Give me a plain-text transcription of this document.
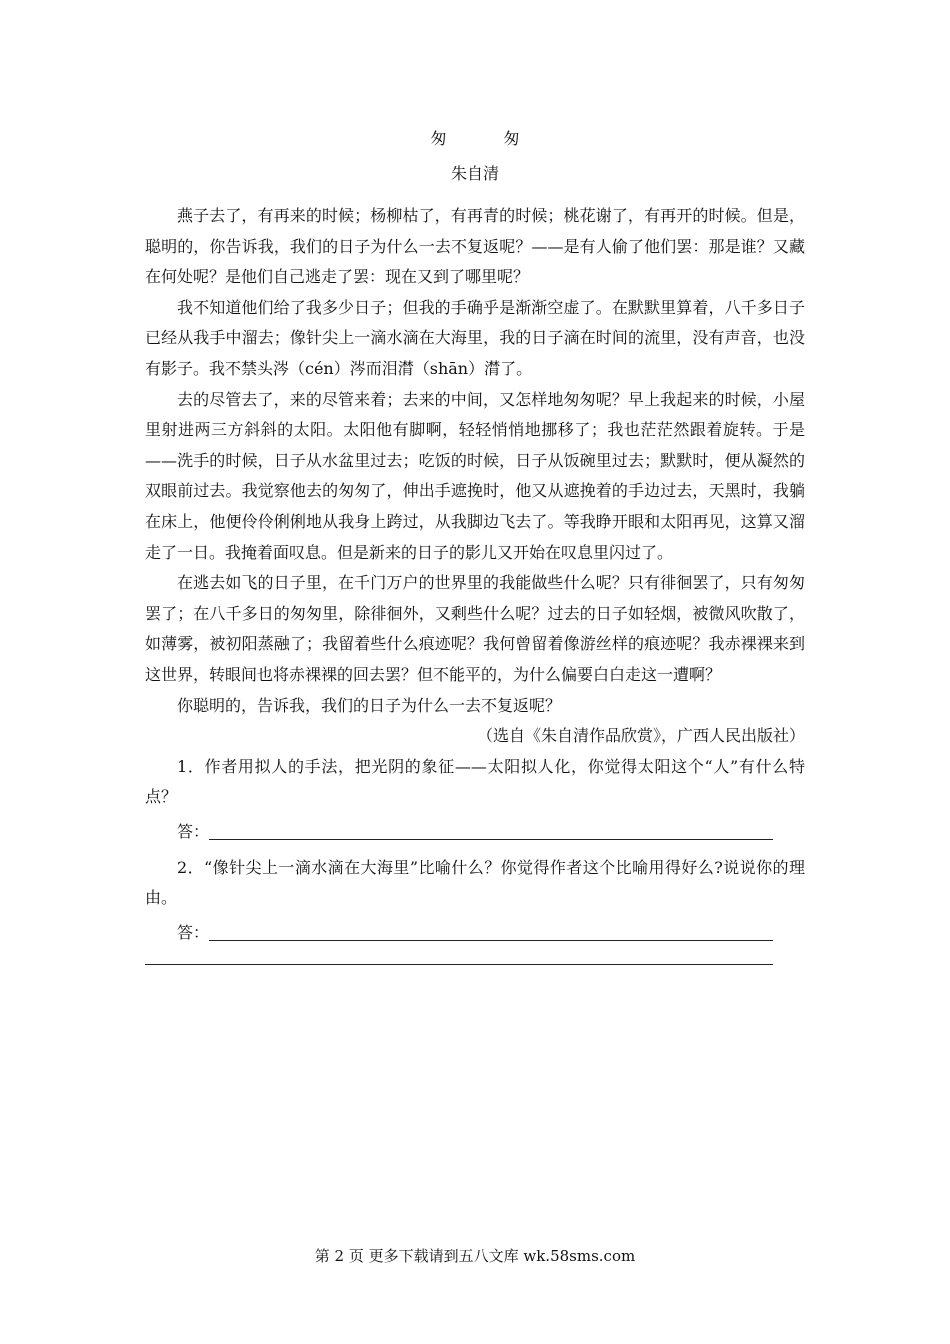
匆 匆
朱自清

燕子去了，有再来的时候；杨柳枯了，有再青的时候；桃花谢了，有再开的时候。但是，聪明的，你告诉我，我们的日子为什么一去不复返呢？——是有人偷了他们罢：那是谁？又藏在何处呢？是他们自己逃走了罢：现在又到了哪里呢？

我不知道他们给了我多少日子；但我的手确乎是渐渐空虚了。在默默里算着，八千多日子已经从我手中溜去；像针尖上一滴水滴在大海里，我的日子滴在时间的流里，没有声音，也没有影子。我不禁头涔（cén）涔而泪潸（shān）潸了。

去的尽管去了，来的尽管来着；去来的中间，又怎样地匆匆呢？早上我起来的时候，小屋里射进两三方斜斜的太阳。太阳他有脚啊，轻轻悄悄地挪移了；我也茫茫然跟着旋转。于是——洗手的时候，日子从水盆里过去；吃饭的时候，日子从饭碗里过去；默默时，便从凝然的双眼前过去。我觉察他去的匆匆了，伸出手遮挽时，他又从遮挽着的手边过去，天黑时，我躺在床上，他便伶伶俐俐地从我身上跨过，从我脚边飞去了。等我睁开眼和太阳再见，这算又溜走了一日。我掩着面叹息。但是新来的日子的影儿又开始在叹息里闪过了。

在逃去如飞的日子里，在千门万户的世界里的我能做些什么呢？只有徘徊罢了，只有匆匆罢了；在八千多日的匆匆里，除徘徊外，又剩些什么呢？过去的日子如轻烟，被微风吹散了，如薄雾，被初阳蒸融了；我留着些什么痕迹呢？我何曾留着像游丝样的痕迹呢？我赤裸裸来到这世界，转眼间也将赤裸裸的回去罢？但不能平的，为什么偏要白白走这一遭啊？

你聪明的，告诉我，我们的日子为什么一去不复返呢？

（选自《朱自清作品欣赏》，广西人民出版社）

1．作者用拟人的手法，把光阴的象征——太阳拟人化，你觉得太阳这个“人”有什么特点？

答：

2．“像针尖上一滴水滴在大海里”比喻什么？你觉得作者这个比喻用得好么?说说你的理由。

答：
第 2 页 更多下载请到五八文库 wk.58sms.com
